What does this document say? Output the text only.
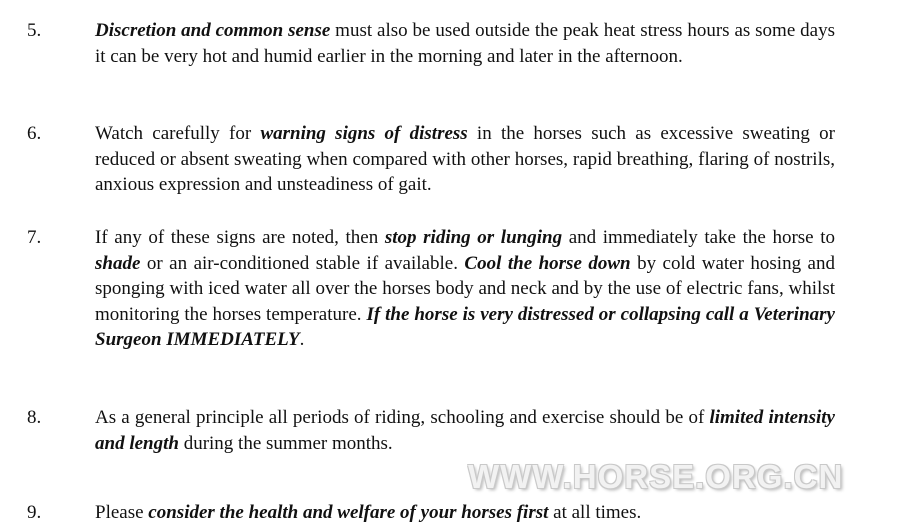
5.	Discretion and common sense must also be used outside the peak heat stress hours as some days it can be very hot and humid earlier in the morning and later in the afternoon.
6.	Watch carefully for warning signs of distress in the horses such as excessive sweating or reduced or absent sweating when compared with other horses, rapid breathing, flaring of nostrils, anxious expression and unsteadiness of gait.
7.	If any of these signs are noted, then stop riding or lunging and immediately take the horse to shade or an air-conditioned stable if available. Cool the horse down by cold water hosing and sponging with iced water all over the horses body and neck and by the use of electric fans, whilst monitoring the horses temperature. If the horse is very distressed or collapsing call a Veterinary Surgeon IMMEDIATELY.
8.	As a general principle all periods of riding, schooling and exercise should be of limited intensity and length during the summer months.
9.	Please consider the health and welfare of your horses first at all times.
WWW.HORSE.ORG.CN
